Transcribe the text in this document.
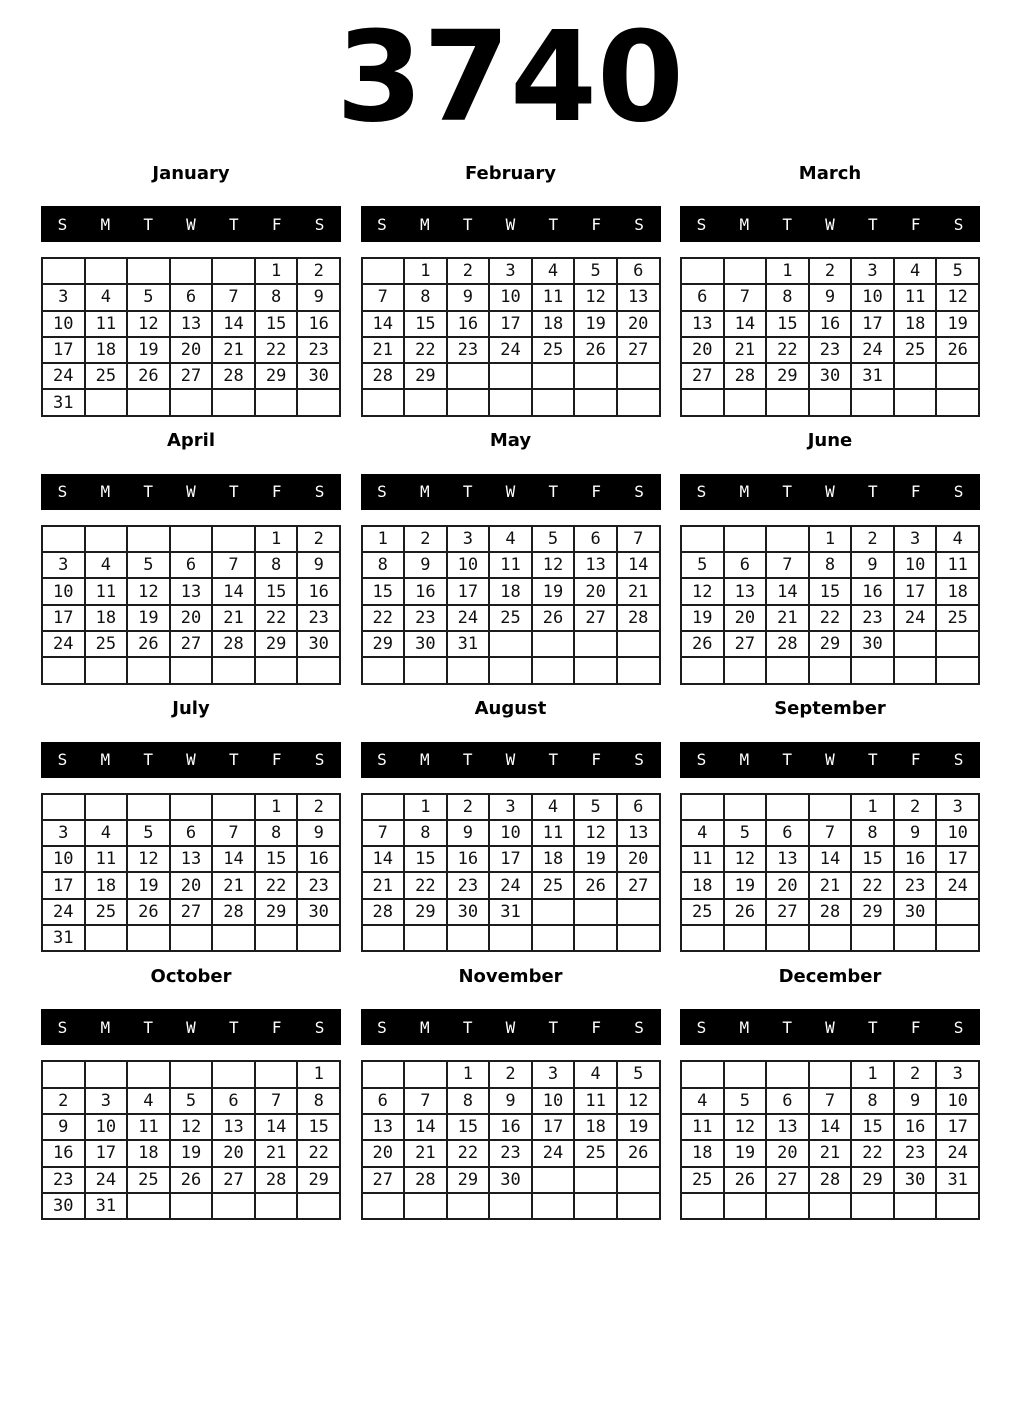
3740
January
S	M	T	W	T	F	S
					1	2
3	4	5	6	7	8	9
10	11	12	13	14	15	16
17	18	19	20	21	22	23
24	25	26	27	28	29	30
31						
February
S	M	T	W	T	F	S
	1	2	3	4	5	6
7	8	9	10	11	12	13
14	15	16	17	18	19	20
21	22	23	24	25	26	27
28	29					

March
S	M	T	W	T	F	S
		1	2	3	4	5
6	7	8	9	10	11	12
13	14	15	16	17	18	19
20	21	22	23	24	25	26
27	28	29	30	31		

April
S	M	T	W	T	F	S
					1	2
3	4	5	6	7	8	9
10	11	12	13	14	15	16
17	18	19	20	21	22	23
24	25	26	27	28	29	30

May
S	M	T	W	T	F	S
1	2	3	4	5	6	7
8	9	10	11	12	13	14
15	16	17	18	19	20	21
22	23	24	25	26	27	28
29	30	31				

June
S	M	T	W	T	F	S
			1	2	3	4
5	6	7	8	9	10	11
12	13	14	15	16	17	18
19	20	21	22	23	24	25
26	27	28	29	30		

July
S	M	T	W	T	F	S
					1	2
3	4	5	6	7	8	9
10	11	12	13	14	15	16
17	18	19	20	21	22	23
24	25	26	27	28	29	30
31						
August
S	M	T	W	T	F	S
	1	2	3	4	5	6
7	8	9	10	11	12	13
14	15	16	17	18	19	20
21	22	23	24	25	26	27
28	29	30	31			

September
S	M	T	W	T	F	S
				1	2	3
4	5	6	7	8	9	10
11	12	13	14	15	16	17
18	19	20	21	22	23	24
25	26	27	28	29	30	

October
S	M	T	W	T	F	S
						1
2	3	4	5	6	7	8
9	10	11	12	13	14	15
16	17	18	19	20	21	22
23	24	25	26	27	28	29
30	31					
November
S	M	T	W	T	F	S
		1	2	3	4	5
6	7	8	9	10	11	12
13	14	15	16	17	18	19
20	21	22	23	24	25	26
27	28	29	30			

December
S	M	T	W	T	F	S
				1	2	3
4	5	6	7	8	9	10
11	12	13	14	15	16	17
18	19	20	21	22	23	24
25	26	27	28	29	30	31
